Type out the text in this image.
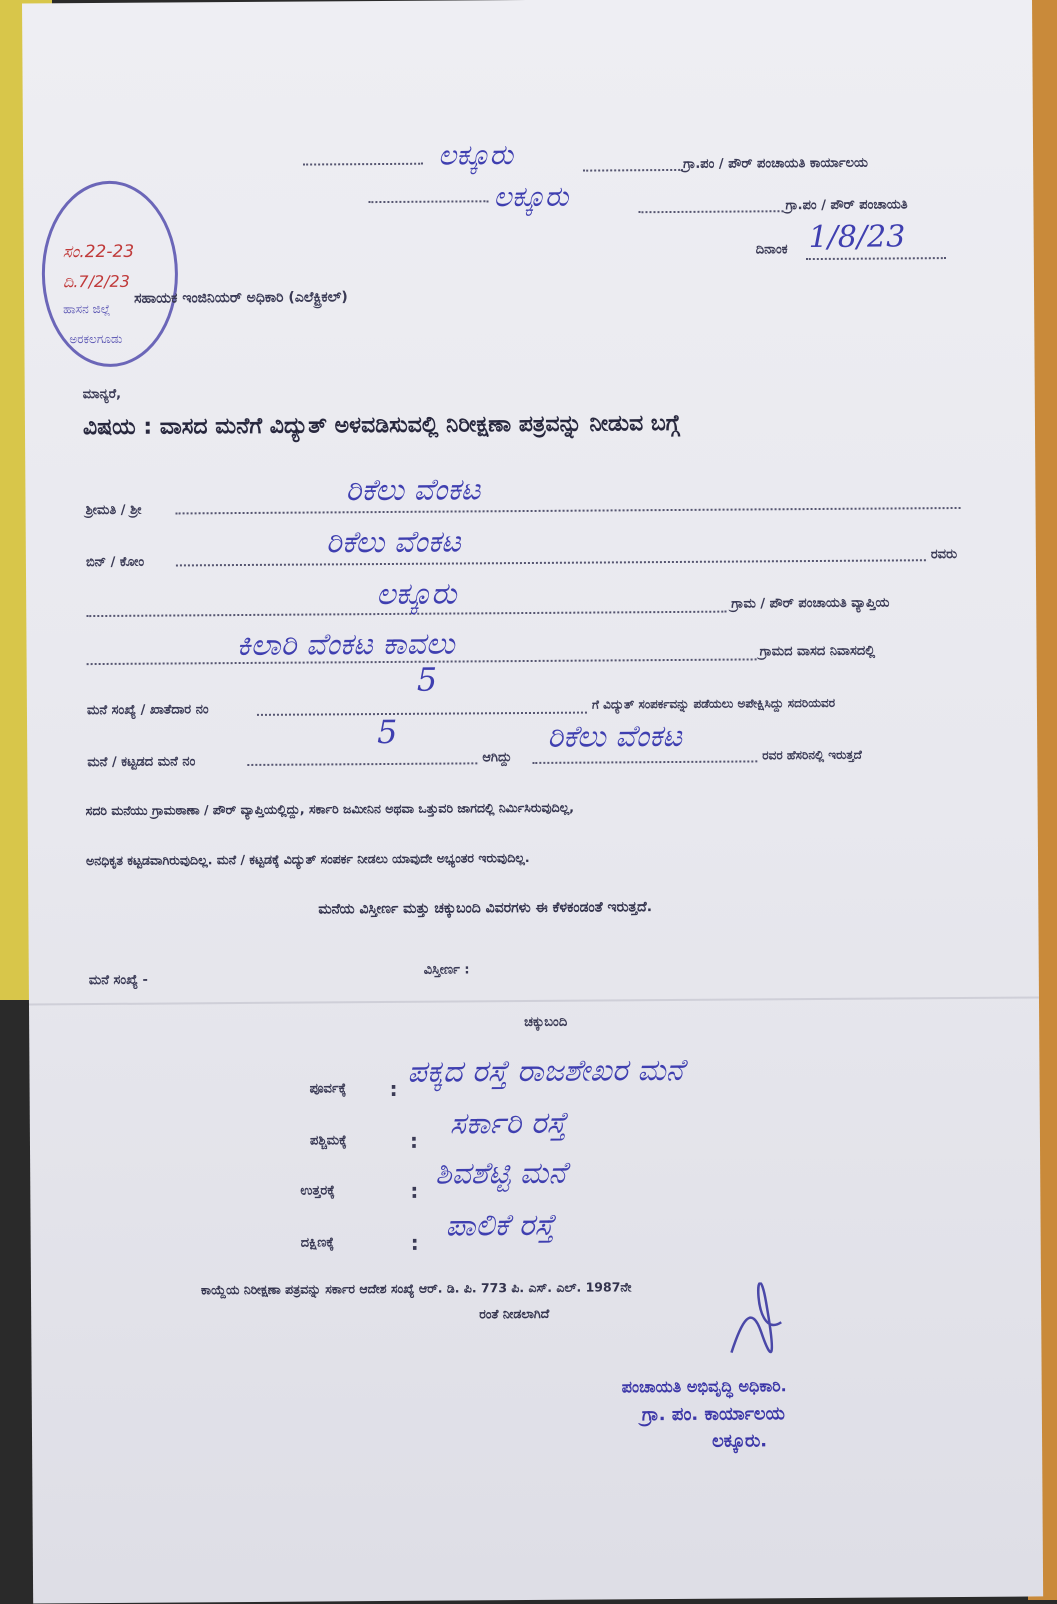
ಲಕ್ಕೂರು	ಗ್ರಾ.ಪಂ / ಪೌರ್ ಪಂಚಾಯತಿ ಕಾರ್ಯಾಲಯ
ಲಕ್ಕೂರು	ಗ್ರಾ.ಪಂ / ಪೌರ್ ಪಂಚಾಯತಿ
ದಿನಾಂಕ 1/8/23
ಸಂ.22-23
ದಿ.7/2/23
ಹಾಸನ ಜಿಲ್ಲೆ
ಅರಕಲಗೂಡು
ಸಹಾಯಕ ಇಂಜಿನಿಯರ್ ಅಧಿಕಾರಿ (ಎಲೆಕ್ಟ್ರಿಕಲ್)
ಮಾನ್ಯರೆ,
ವಿಷಯ : ವಾಸದ ಮನೆಗೆ ವಿದ್ಯುತ್ ಅಳವಡಿಸುವಲ್ಲಿ ನಿರೀಕ್ಷಣಾ ಪತ್ರವನ್ನು ನೀಡುವ ಬಗ್ಗೆ
ಶ್ರೀಮತಿ / ಶ್ರೀ
ರಿಕೆಲು ವೆಂಕಟ
ಬಿನ್ / ಕೋಂ
ರಿಕೆಲು ವೆಂಕಟ	ರವರು
ಲಕ್ಕೂರು	ಗ್ರಾಮ / ಪೌರ್ ಪಂಚಾಯತಿ ವ್ಯಾಪ್ತಿಯ
ಕಿಲಾರಿ ವೆಂಕಟ ಕಾವಲು	ಗ್ರಾಮದ ವಾಸದ ನಿವಾಸದಲ್ಲಿ
ಮನೆ ಸಂಖ್ಯೆ / ಖಾತೆದಾರ ನಂ
5
ಗೆ ವಿದ್ಯುತ್ ಸಂಪರ್ಕವನ್ನು ಪಡೆಯಲು ಅಪೇಕ್ಷಿಸಿದ್ದು ಸದರಿಯವರ
ಮನೆ / ಕಟ್ಟಡದ ಮನೆ ನಂ
5
ಆಗಿದ್ದು
ರಿಕೆಲು ವೆಂಕಟ
ರವರ ಹೆಸರಿನಲ್ಲಿ ಇರುತ್ತದೆ
ಸದರಿ ಮನೆಯು ಗ್ರಾಮಠಾಣಾ / ಪೌರ್ ವ್ಯಾಪ್ತಿಯಲ್ಲಿದ್ದು, ಸರ್ಕಾರಿ ಜಮೀನಿನ ಅಥವಾ ಒತ್ತುವರಿ ಜಾಗದಲ್ಲಿ ನಿರ್ಮಿಸಿರುವುದಿಲ್ಲ,
ಅನಧಿಕೃತ ಕಟ್ಟಡವಾಗಿರುವುದಿಲ್ಲ. ಮನೆ / ಕಟ್ಟಡಕ್ಕೆ ವಿದ್ಯುತ್ ಸಂಪರ್ಕ ನೀಡಲು ಯಾವುದೇ ಅಭ್ಯಂತರ ಇರುವುದಿಲ್ಲ.
ಮನೆಯ ವಿಸ್ತೀರ್ಣ ಮತ್ತು ಚಕ್ಕುಬಂದಿ ವಿವರಗಳು ಈ ಕೆಳಕಂಡಂತೆ ಇರುತ್ತದೆ.
ಮನೆ ಸಂಖ್ಯೆ -
ವಿಸ್ತೀರ್ಣ :
ಚಕ್ಕುಬಂದಿ
ಪೂರ್ವಕ್ಕೆ : ಪಕ್ಕದ ರಸ್ತೆ ರಾಜಶೇಖರ ಮನೆ
ಪಶ್ಚಿಮಕ್ಕೆ	: ಸರ್ಕಾರಿ ರಸ್ತೆ
ಉತ್ತರಕ್ಕೆ	: ಶಿವಶೆಟ್ಟಿ ಮನೆ
ದಕ್ಷಿಣಕ್ಕೆ	: ಪಾಲಿಕೆ ರಸ್ತೆ
ಕಾಯ್ದೆಯ ನಿರೀಕ್ಷಣಾ ಪತ್ರವನ್ನು ಸರ್ಕಾರ ಆದೇಶ ಸಂಖ್ಯೆ ಆರ್. ಡಿ. ಪಿ. 773 ಪಿ. ಎಸ್. ಎಲ್. 1987ನೇ
ರಂತೆ ನೀಡಲಾಗಿದೆ
ಪಂಚಾಯತಿ ಅಭಿವೃದ್ಧಿ ಅಧಿಕಾರಿ.
ಗ್ರಾ. ಪಂ. ಕಾರ್ಯಾಲಯ
ಲಕ್ಕೂರು.
